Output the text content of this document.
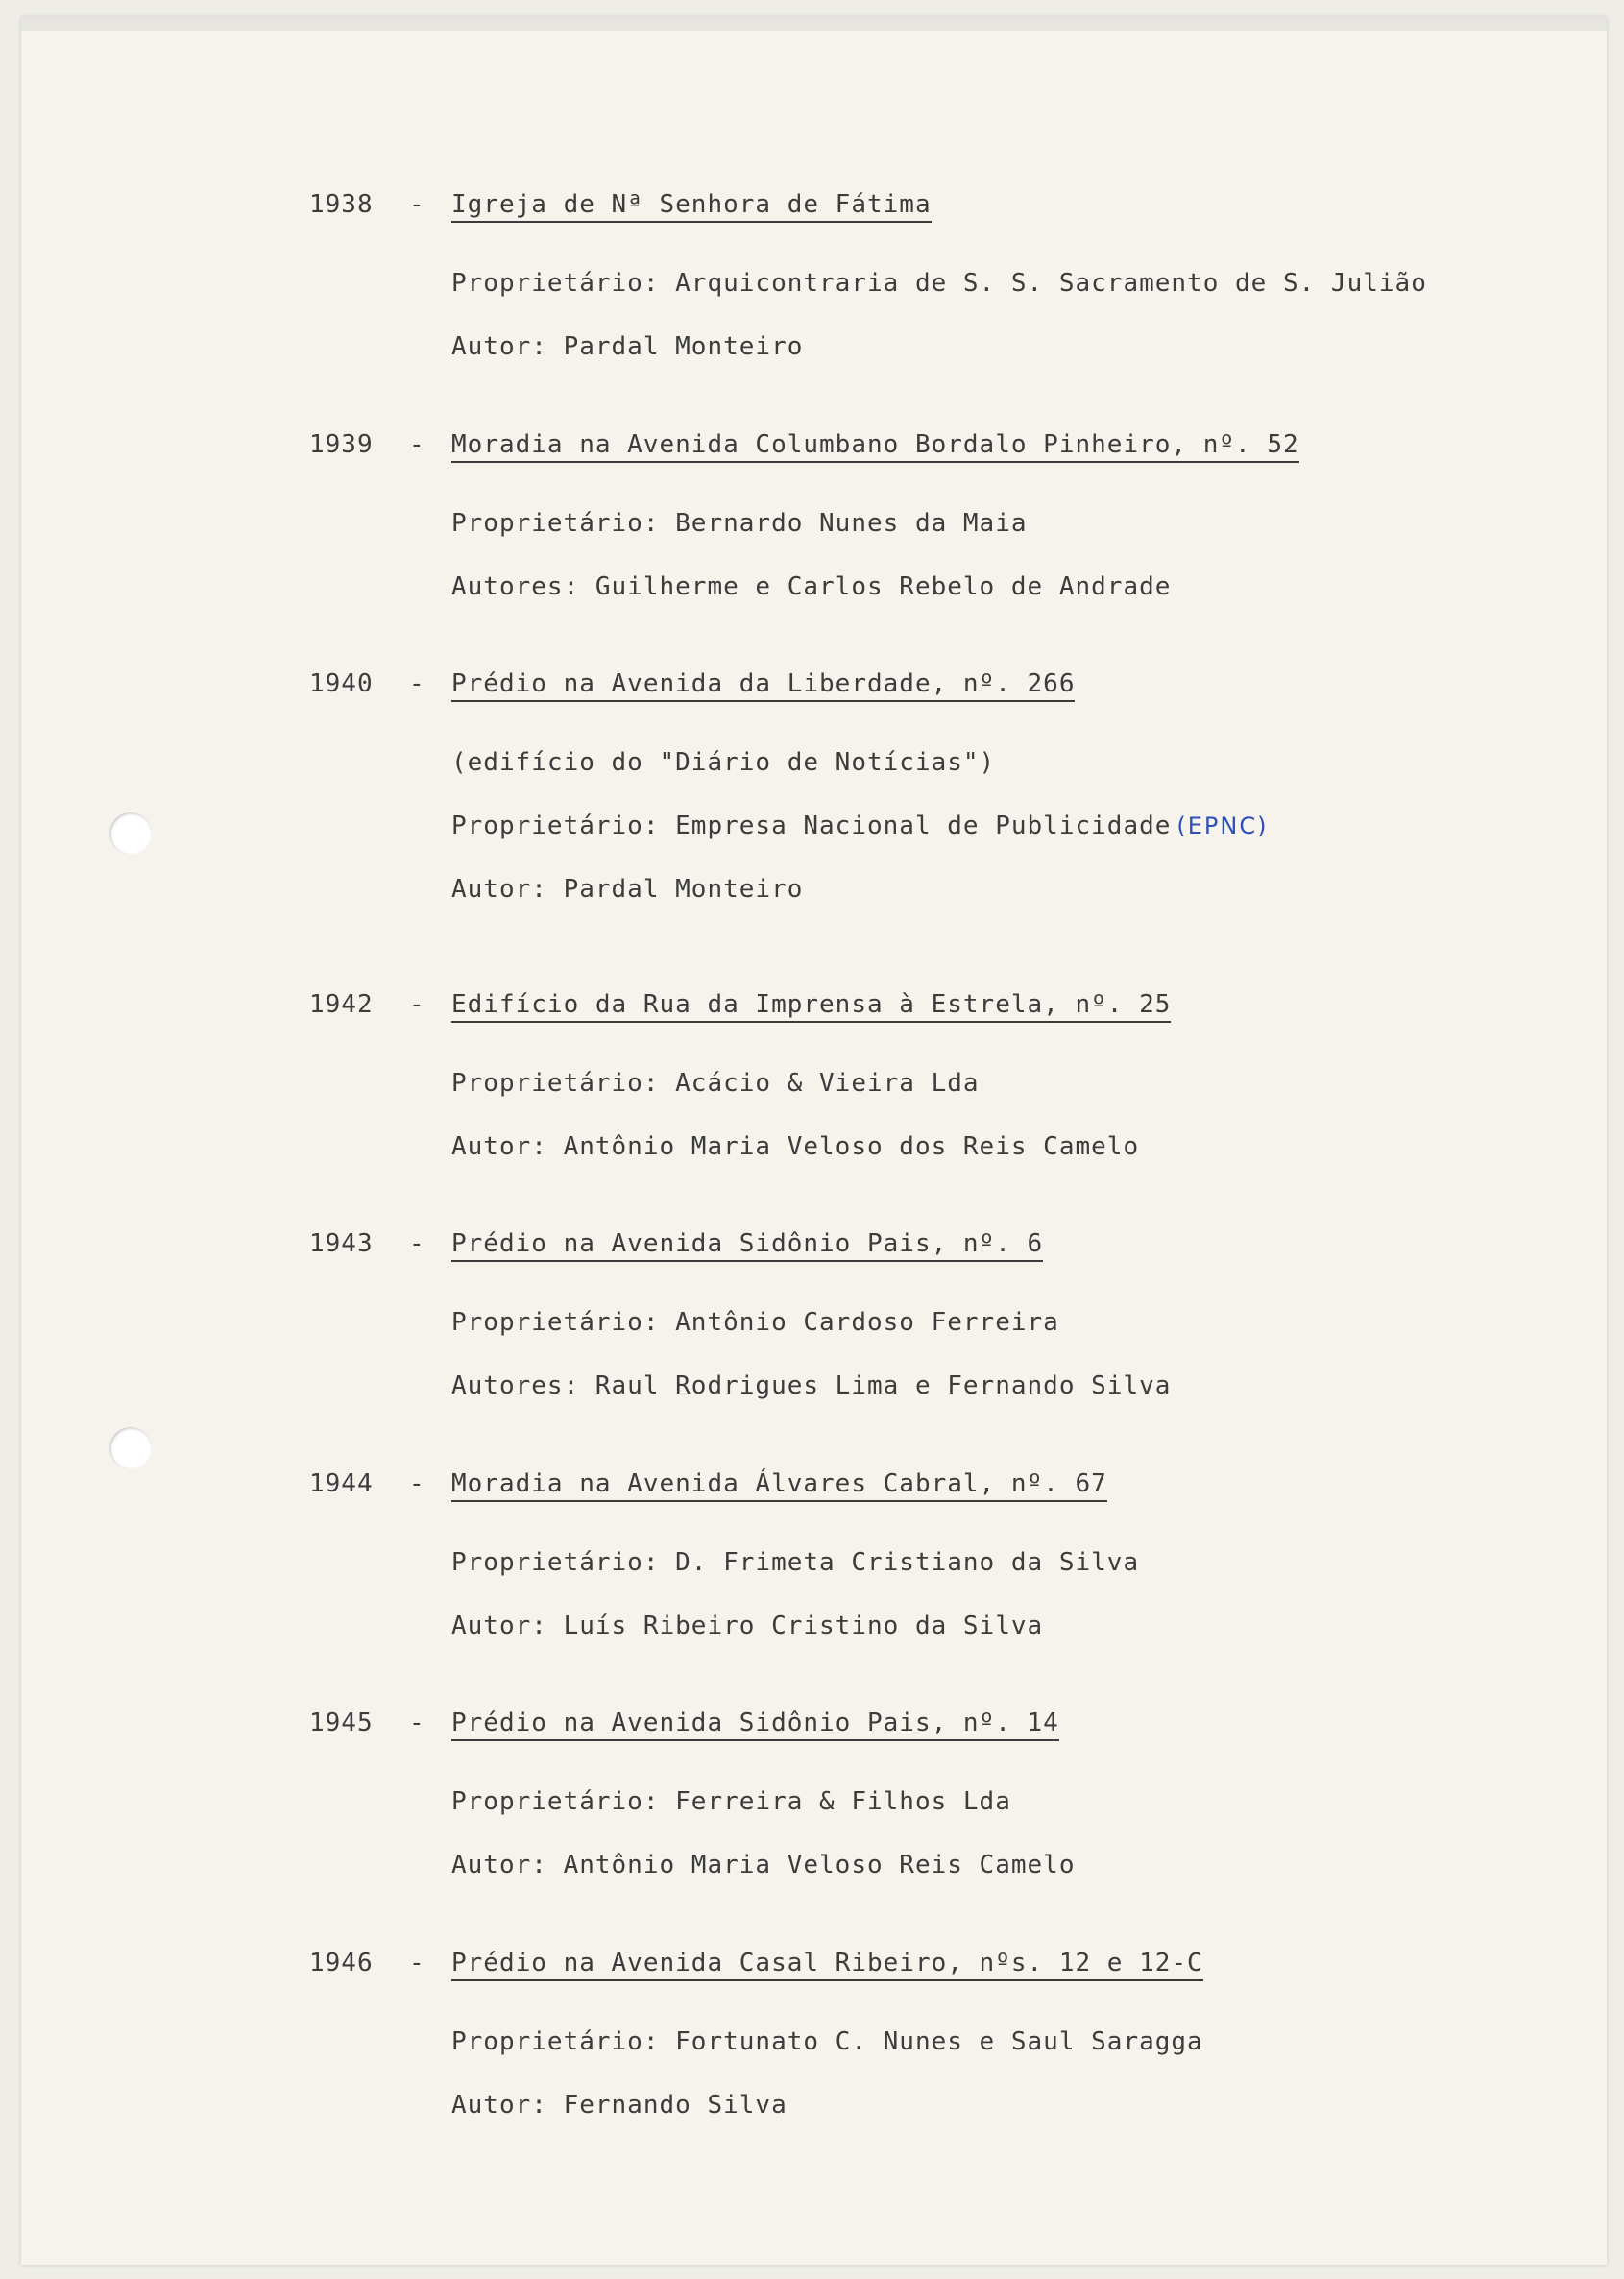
1938 - Igreja de Nª Senhora de Fátima
Proprietário: Arquicontraria de S. S. Sacramento de S. Julião
Autor: Pardal Monteiro
1939 - Moradia na Avenida Columbano Bordalo Pinheiro, nº. 52
Proprietário: Bernardo Nunes da Maia
Autores: Guilherme e Carlos Rebelo de Andrade
1940 - Prédio na Avenida da Liberdade, nº. 266
(edifício do "Diário de Notícias")
Proprietário: Empresa Nacional de Publicidade (EPNC)
Autor: Pardal Monteiro
1942 - Edifício da Rua da Imprensa à Estrela, nº. 25
Proprietário: Acácio & Vieira Lda
Autor: Antônio Maria Veloso dos Reis Camelo
1943 - Prédio na Avenida Sidônio Pais, nº. 6
Proprietário: Antônio Cardoso Ferreira
Autores: Raul Rodrigues Lima e Fernando Silva
1944 - Moradia na Avenida Álvares Cabral, nº. 67
Proprietário: D. Frimeta Cristiano da Silva
Autor: Luís Ribeiro Cristino da Silva
1945 - Prédio na Avenida Sidônio Pais, nº. 14
Proprietário: Ferreira & Filhos Lda
Autor: Antônio Maria Veloso Reis Camelo
1946 - Prédio na Avenida Casal Ribeiro, nºs. 12 e 12-C
Proprietário: Fortunato C. Nunes e Saul Saragga
Autor: Fernando Silva
